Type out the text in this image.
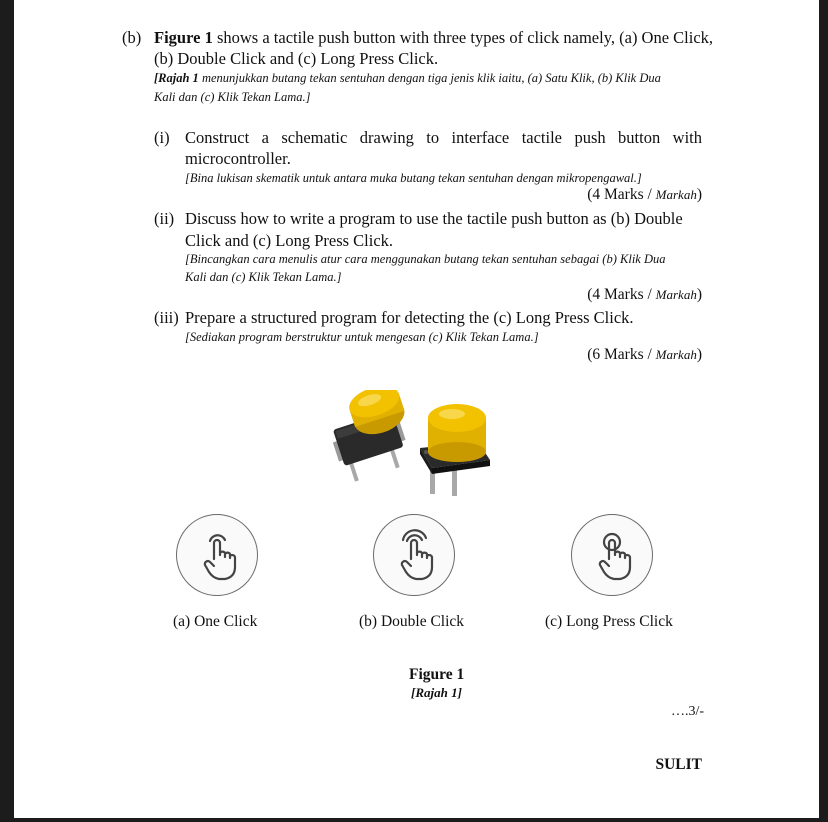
(b) Figure 1 shows a tactile push button with three types of click namely, (a) One Click,
(b) Double Click and (c) Long Press Click.
[Rajah 1 menunjukkan butang tekan sentuhan dengan tiga jenis klik iaitu, (a) Satu Klik, (b) Klik Dua
Kali dan (c) Klik Tekan Lama.]
(i) Construct a schematic drawing to interface tactile push button with
microcontroller.
[Bina lukisan skematik untuk antara muka butang tekan sentuhan dengan mikropengawal.]
(4 Marks / Markah)
(ii) Discuss how to write a program to use the tactile push button as (b) Double
Click and (c) Long Press Click.
[Bincangkan cara menulis atur cara menggunakan butang tekan sentuhan sebagai (b) Klik Dua
Kali dan (c) Klik Tekan Lama.]
(4 Marks / Markah)
(iii) Prepare a structured program for detecting the (c) Long Press Click.
[Sediakan program berstruktur untuk mengesan (c) Klik Tekan Lama.]
(6 Marks / Markah)
(a) One Click	(b) Double Click	(c) Long Press Click
Figure 1
[Rajah 1]
….3/-
SULIT
